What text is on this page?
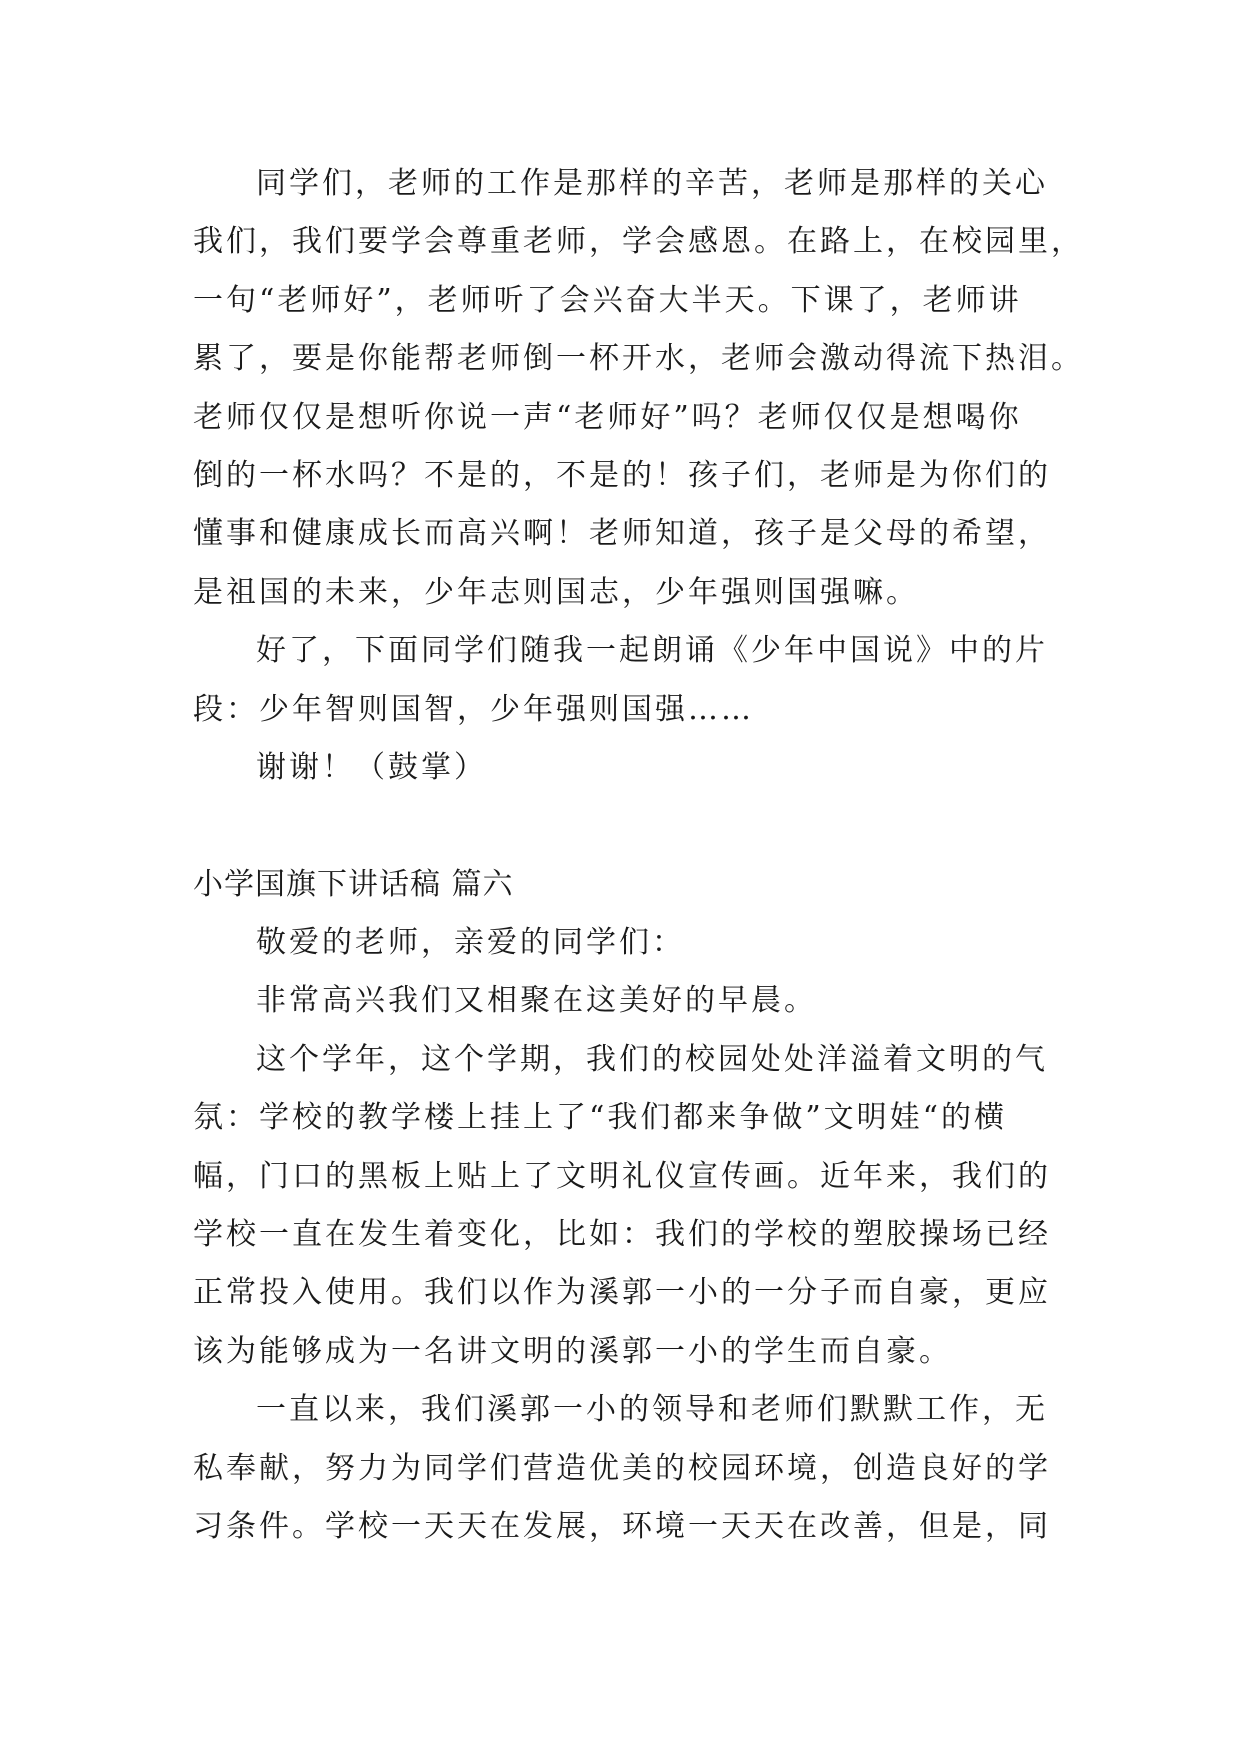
同学们，老师的工作是那样的辛苦，老师是那样的关心
我们，我们要学会尊重老师，学会感恩。在路上，在校园里，
一句“老师好”，老师听了会兴奋大半天。下课了，老师讲
累了，要是你能帮老师倒一杯开水，老师会激动得流下热泪。
老师仅仅是想听你说一声“老师好”吗？老师仅仅是想喝你
倒的一杯水吗？不是的，不是的！孩子们，老师是为你们的
懂事和健康成长而高兴啊！老师知道，孩子是父母的希望，
是祖国的未来，少年志则国志，少年强则国强嘛。
好了，下面同学们随我一起朗诵《少年中国说》中的片
段：少年智则国智，少年强则国强……
谢谢！（鼓掌）
小学国旗下讲话稿 篇六
敬爱的老师，亲爱的同学们：
非常高兴我们又相聚在这美好的早晨。
这个学年，这个学期，我们的校园处处洋溢着文明的气
氛：学校的教学楼上挂上了“我们都来争做”文明娃“的横
幅，门口的黑板上贴上了文明礼仪宣传画。近年来，我们的
学校一直在发生着变化，比如：我们的学校的塑胶操场已经
正常投入使用。我们以作为溪郭一小的一分子而自豪，更应
该为能够成为一名讲文明的溪郭一小的学生而自豪。
一直以来，我们溪郭一小的领导和老师们默默工作，无
私奉献，努力为同学们营造优美的校园环境，创造良好的学
习条件。学校一天天在发展，环境一天天在改善，但是，同
